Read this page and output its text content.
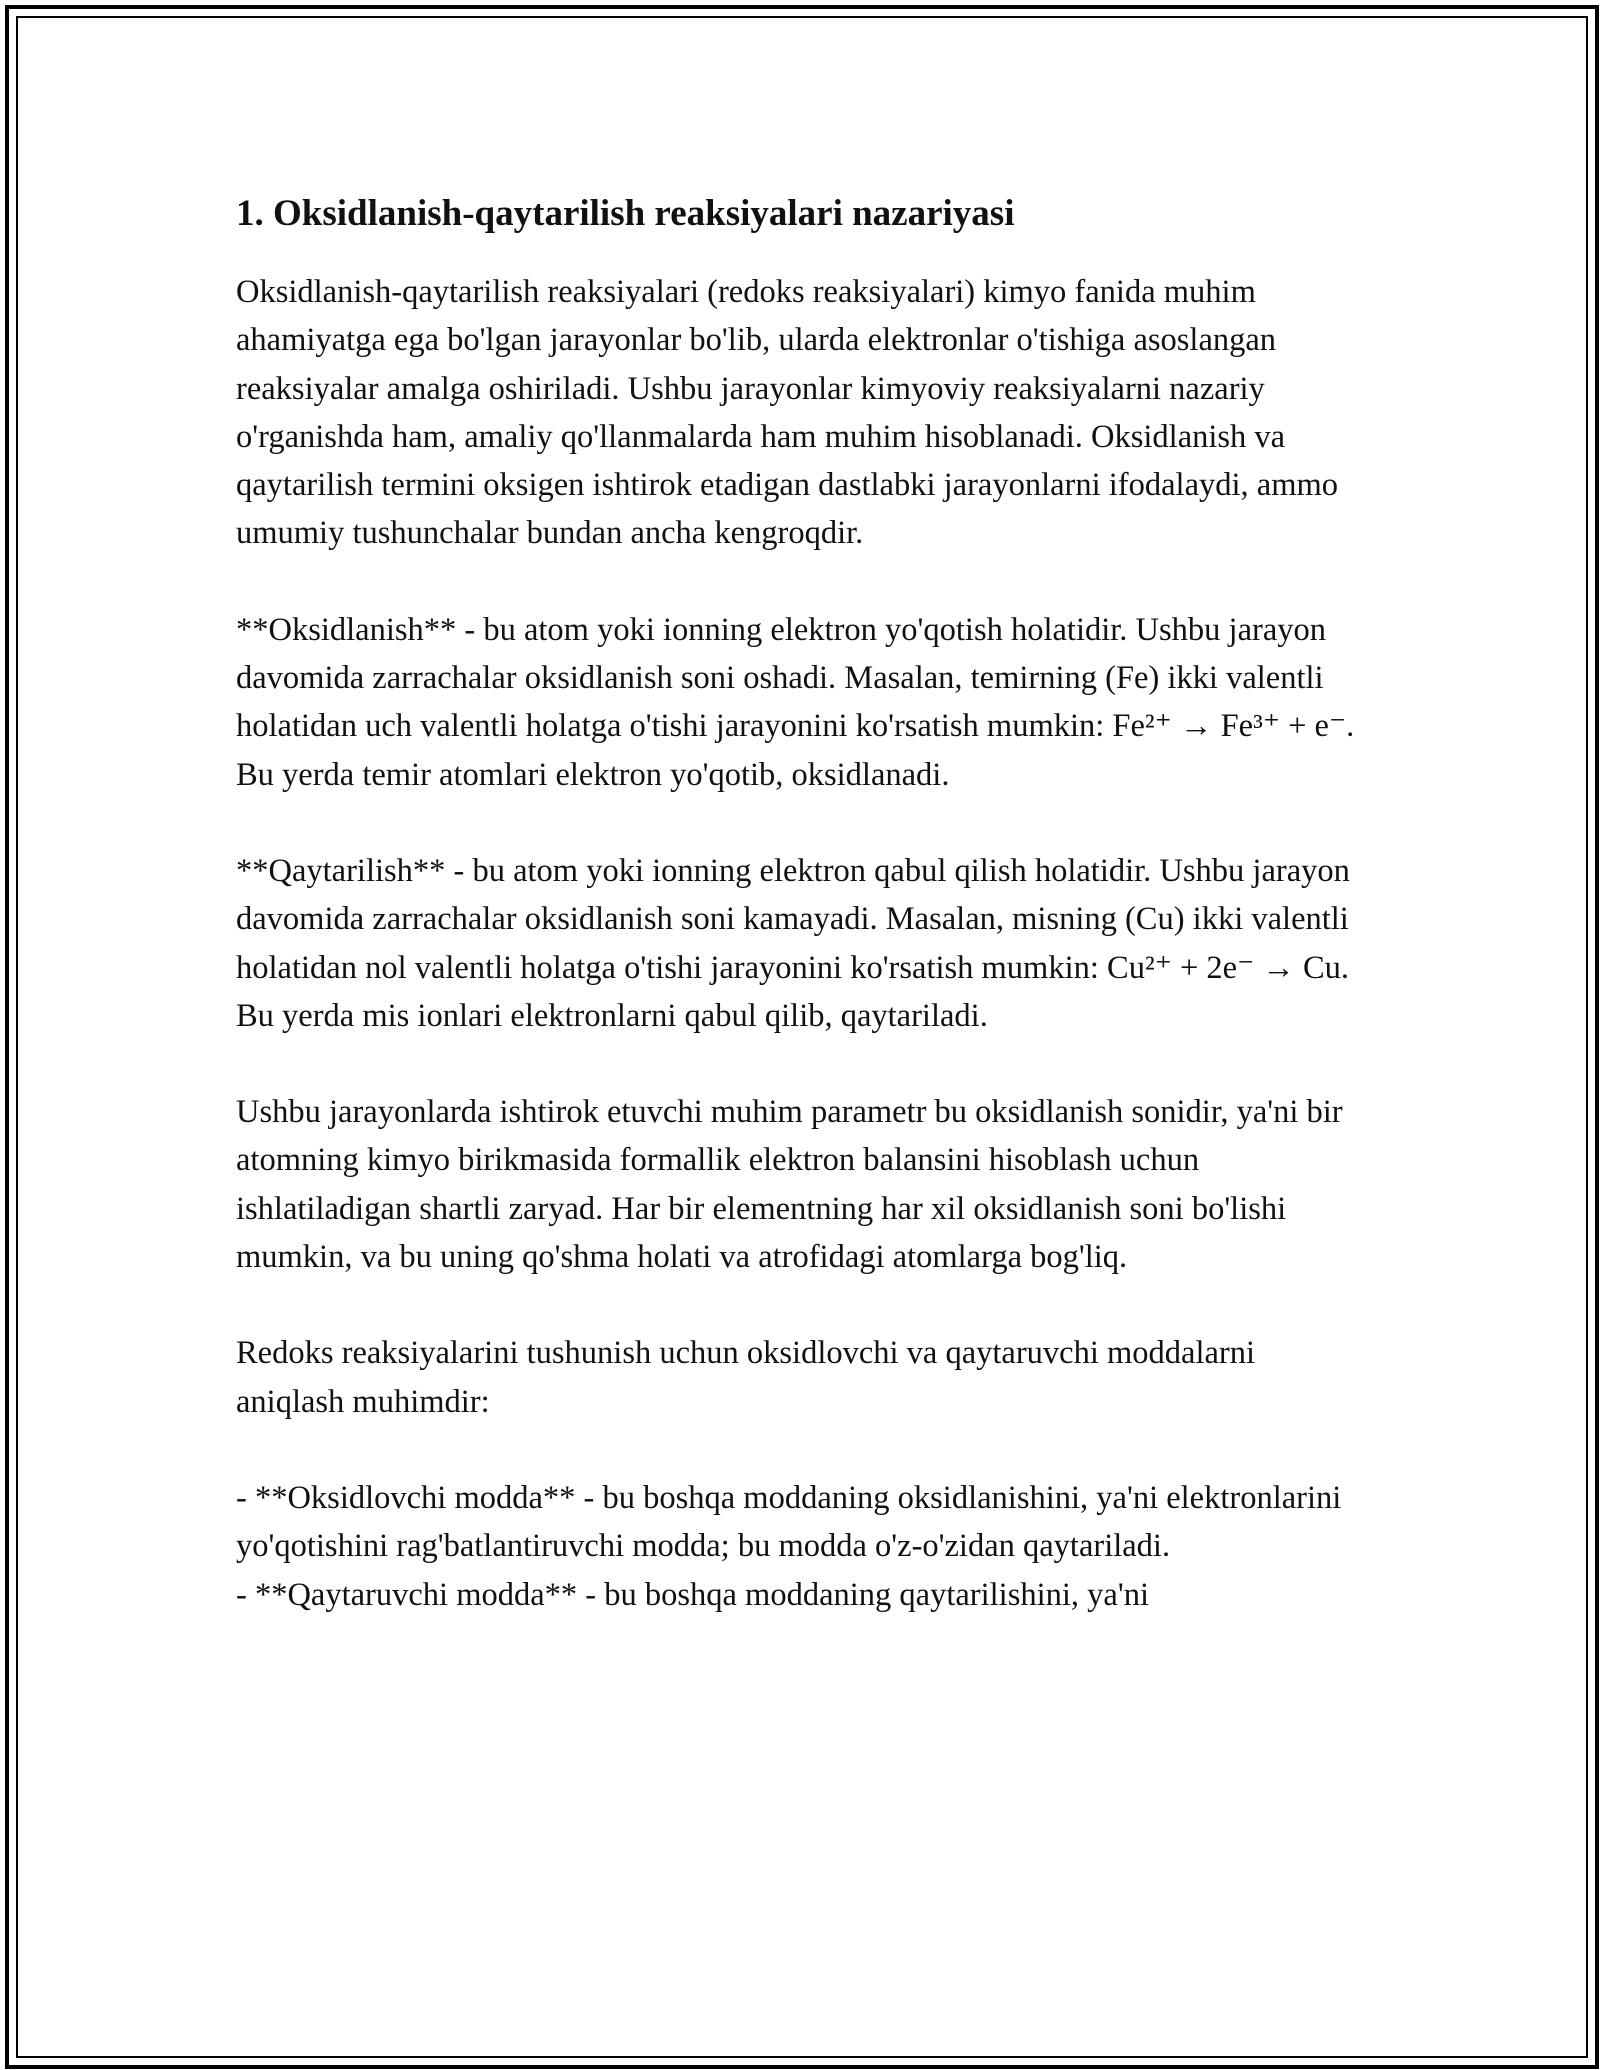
1. Oksidlanish-qaytarilish reaksiyalari nazariyasi

Oksidlanish-qaytarilish reaksiyalari (redoks reaksiyalari) kimyo fanida muhim ahamiyatga ega bo'lgan jarayonlar bo'lib, ularda elektronlar o'tishiga asoslangan reaksiyalar amalga oshiriladi. Ushbu jarayonlar kimyoviy reaksiyalarni nazariy o'rganishda ham, amaliy qo'llanmalarda ham muhim hisoblanadi. Oksidlanish va qaytarilish termini oksigen ishtirok etadigan dastlabki jarayonlarni ifodalaydi, ammo umumiy tushunchalar bundan ancha kengroqdir.

**Oksidlanish** - bu atom yoki ionning elektron yo'qotish holatidir. Ushbu jarayon davomida zarrachalar oksidlanish soni oshadi. Masalan, temirning (Fe) ikki valentli holatidan uch valentli holatga o'tishi jarayonini ko'rsatish mumkin: Fe²⁺ → Fe³⁺ + e⁻. Bu yerda temir atomlari elektron yo'qotib, oksidlanadi.

**Qaytarilish** - bu atom yoki ionning elektron qabul qilish holatidir. Ushbu jarayon davomida zarrachalar oksidlanish soni kamayadi. Masalan, misning (Cu) ikki valentli holatidan nol valentli holatga o'tishi jarayonini ko'rsatish mumkin: Cu²⁺ + 2e⁻ → Cu. Bu yerda mis ionlari elektronlarni qabul qilib, qaytariladi.

Ushbu jarayonlarda ishtirok etuvchi muhim parametr bu oksidlanish sonidir, ya'ni bir atomning kimyo birikmasida formallik elektron balansini hisoblash uchun ishlatiladigan shartli zaryad. Har bir elementning har xil oksidlanish soni bo'lishi mumkin, va bu uning qo'shma holati va atrofidagi atomlarga bog'liq.

Redoks reaksiyalarini tushunish uchun oksidlovchi va qaytaruvchi moddalarni aniqlash muhimdir:

- **Oksidlovchi modda** - bu boshqa moddaning oksidlanishini, ya'ni elektronlarini yo'qotishini rag'batlantiruvchi modda; bu modda o'z-o'zidan qaytariladi.

- **Qaytaruvchi modda** - bu boshqa moddaning qaytarilishini, ya'ni
